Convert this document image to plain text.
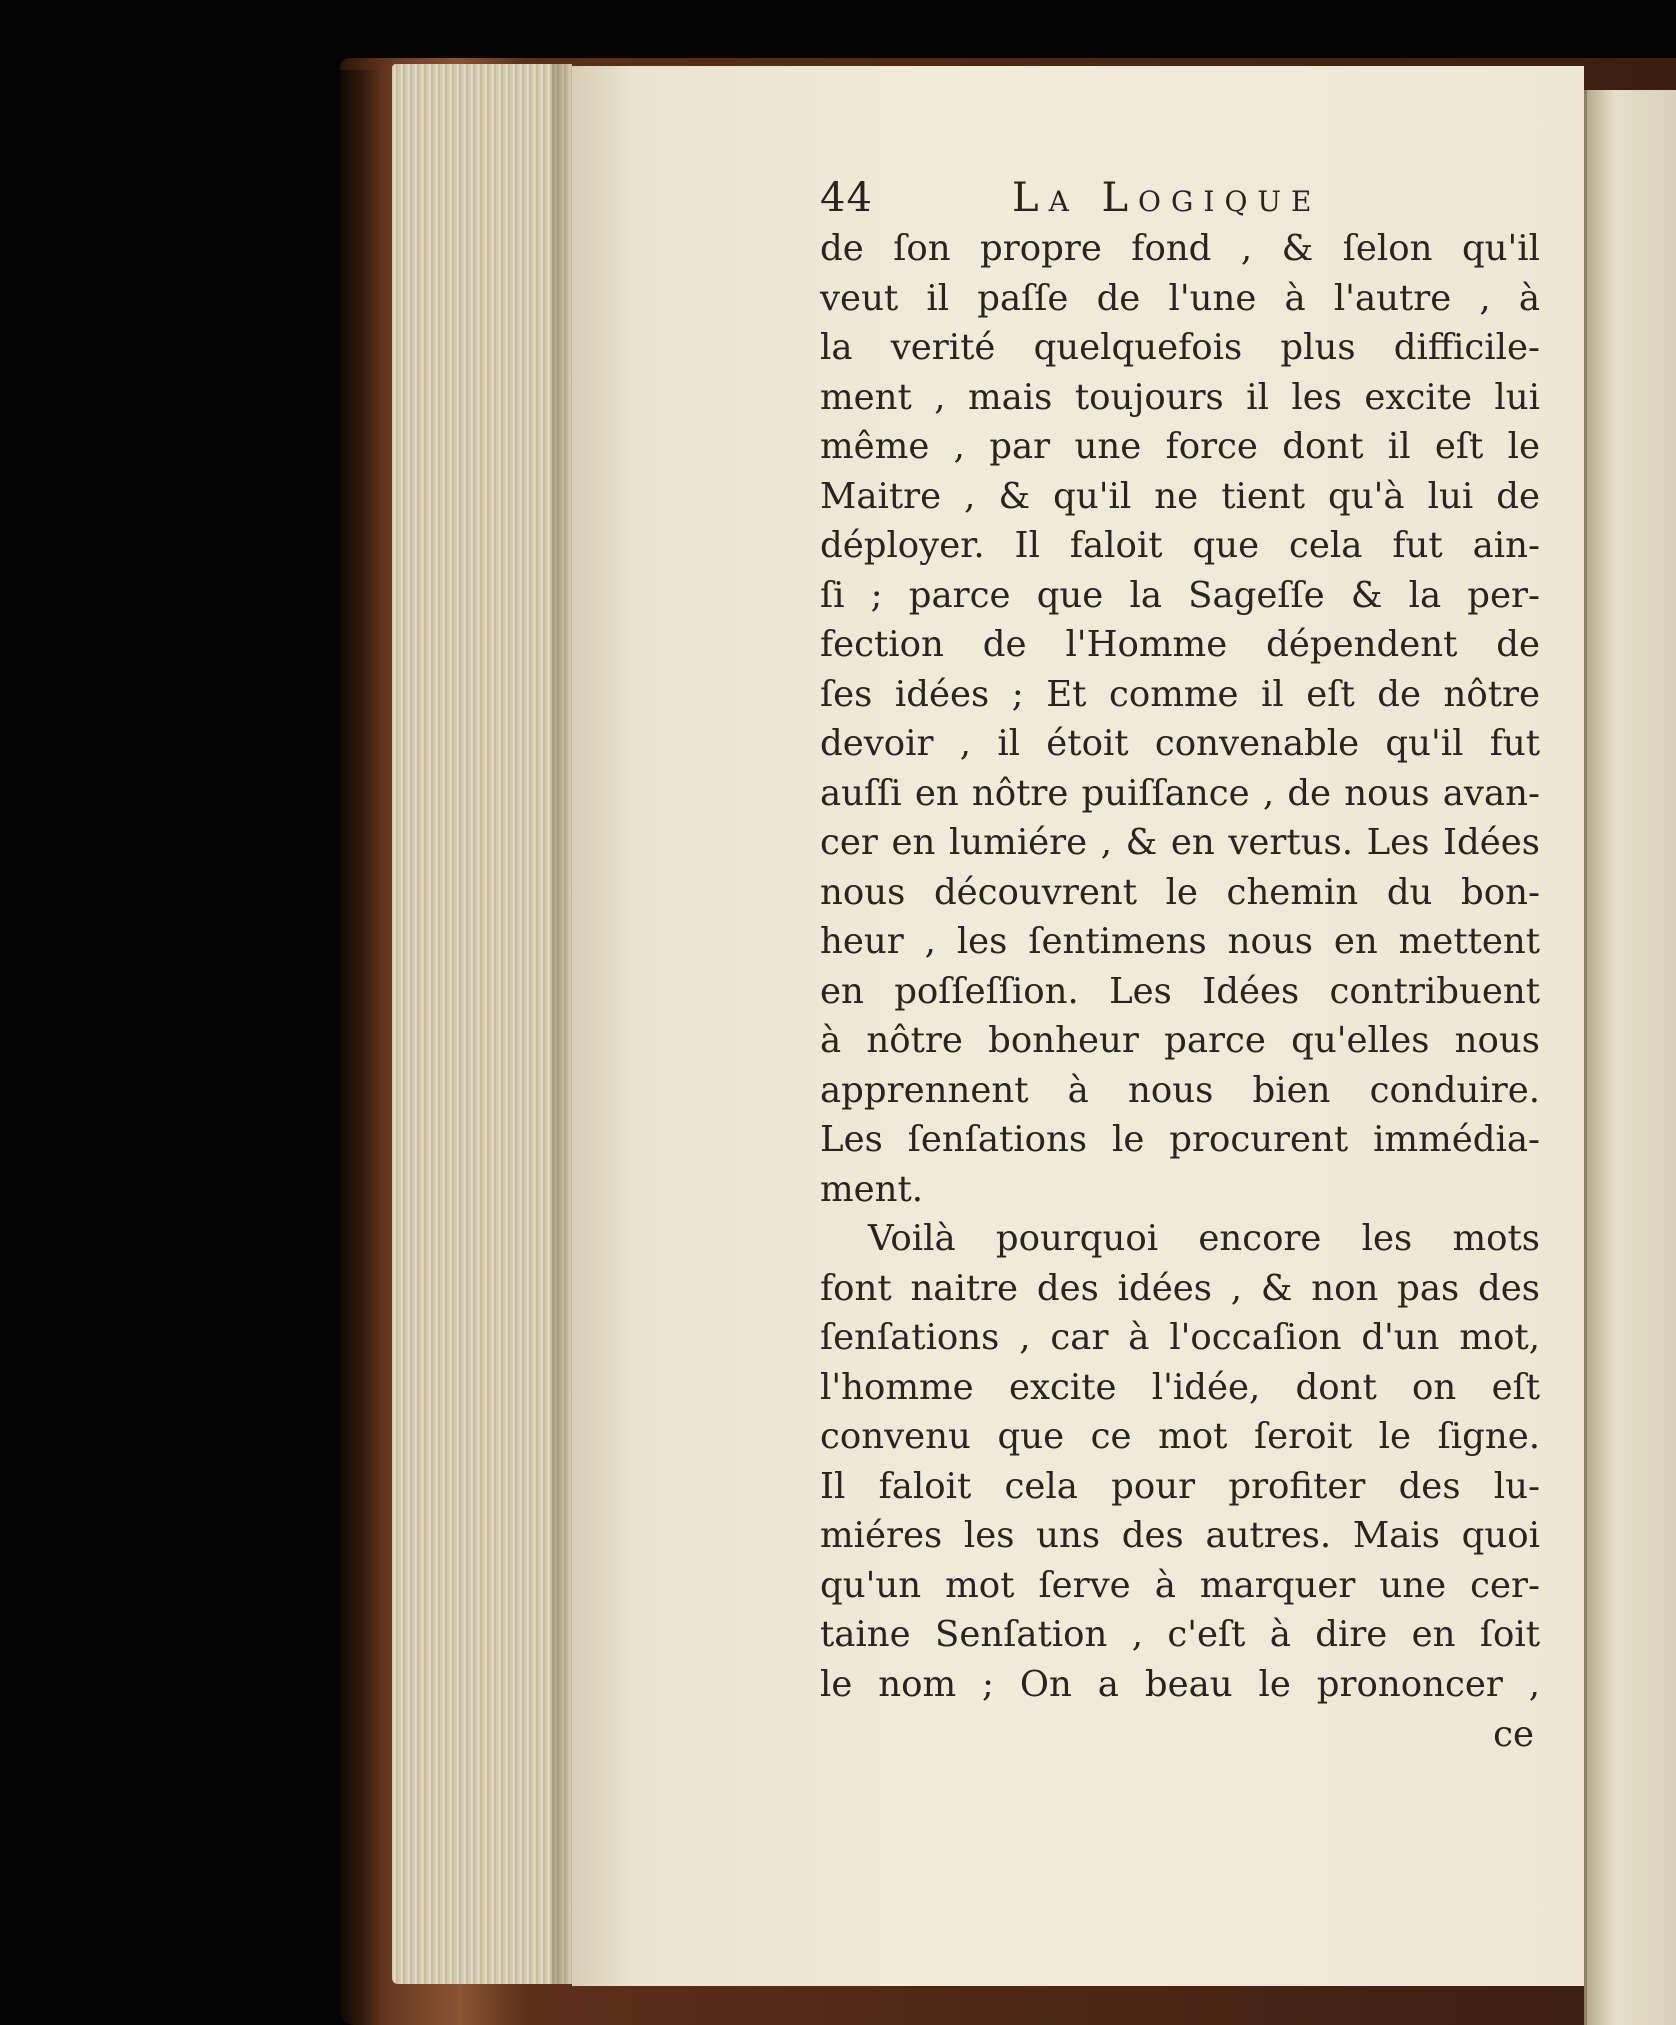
44	La Logique
de ſon propre fond , & ſelon qu'il
veut il paſſe de l'une à l'autre , à
la verité quelquefois plus difficile-
ment , mais toujours il les excite lui
même , par une force dont il eſt le
Maitre , & qu'il ne tient qu'à lui de
déployer. Il faloit que cela fut ain-
ſi ; parce que la Sageſſe & la per-
fection de l'Homme dépendent de
ſes idées ; Et comme il eſt de nôtre
devoir , il étoit convenable qu'il fut
auſſi en nôtre puiſſance , de nous avan-
cer en lumiére , & en vertus. Les Idées
nous découvrent le chemin du bon-
heur , les ſentimens nous en mettent
en poſſeſſion. Les Idées contribuent
à nôtre bonheur parce qu'elles nous
apprennent à nous bien conduire.
Les ſenſations le procurent immédia-
ment.
Voilà pourquoi encore les mots
font naitre des idées , & non pas des
ſenſations , car à l'occaſion d'un mot,
l'homme excite l'idée, dont on eſt
convenu que ce mot ſeroit le ſigne.
Il faloit cela pour profiter des lu-
miéres les uns des autres. Mais quoi
qu'un mot ſerve à marquer une cer-
taine Senſation , c'eſt à dire en ſoit
le nom ; On a beau le prononcer ,
ce
